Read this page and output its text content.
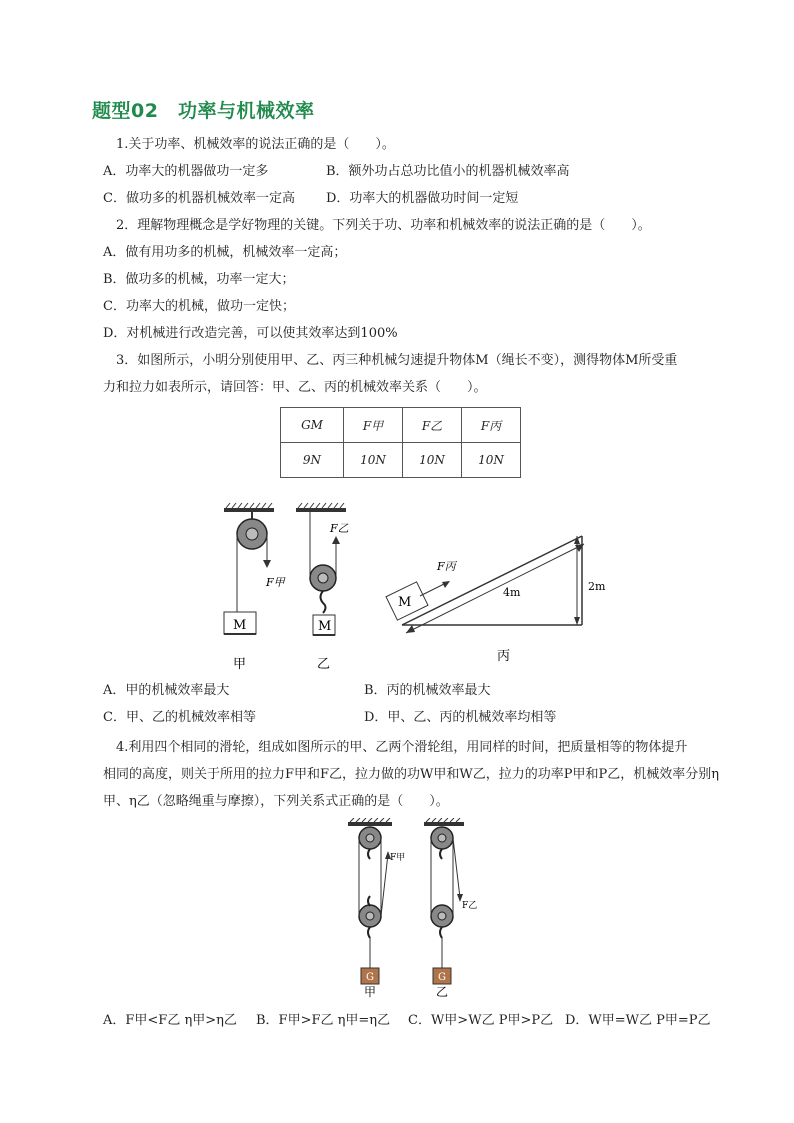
题型02　功率与机械效率
1.关于功率、机械效率的说法正确的是（　　）。
A．功率大的机器做功一定多	B．额外功占总功比值小的机器机械效率高
C．做功多的机器机械效率一定高 D．功率大的机器做功时间一定短
2．理解物理概念是学好物理的关键。下列关于功、功率和机械效率的说法正确的是（　　）。
A．做有用功多的机械，机械效率一定高；
B．做功多的机械，功率一定大；
C．功率大的机械，做功一定快；
D．对机械进行改造完善，可以使其效率达到100%
3．如图所示，小明分别使用甲、乙、丙三种机械匀速提升物体M（绳长不变），测得物体M所受重
力和拉力如表所示，请回答：甲、乙、丙的机械效率关系（　　）。
GM	F甲	F乙	F丙
9N	10N	10N	10N
F甲
M
甲
F乙
M
乙
M
F丙
4m	2m
丙
A．甲的机械效率最大	B．丙的机械效率最大
C．甲、乙的机械效率相等	D．甲、乙、丙的机械效率均相等
4.利用四个相同的滑轮，组成如图所示的甲、乙两个滑轮组，用同样的时间，把质量相等的物体提升
相同的高度，则关于所用的拉力F甲和F乙，拉力做的功W甲和W乙，拉力的功率P甲和P乙，机械效率分别η
甲、η乙（忽略绳重与摩擦），下列关系式正确的是（　　）。
F甲
G
甲
F乙
G
乙
A．F甲<F乙 η甲>η乙 B．F甲>F乙 η甲=η乙 C．W甲>W乙 P甲>P乙 D．W甲=W乙 P甲=P乙
